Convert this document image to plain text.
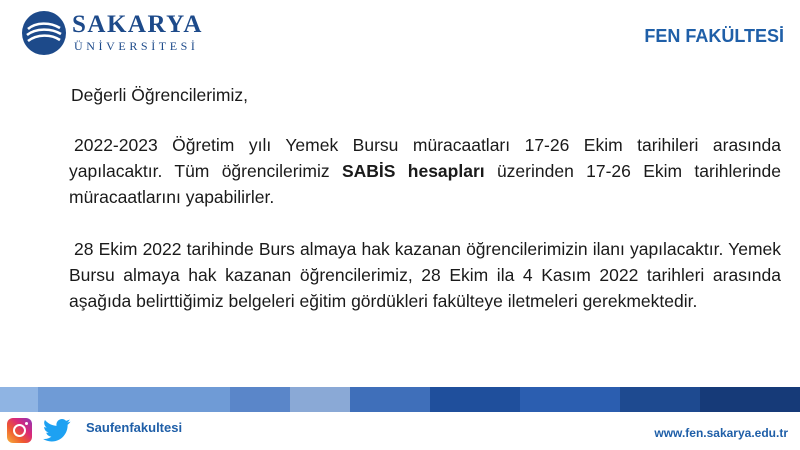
SAKARYA
ÜNİVERSİTESİ	FEN FAKÜLTESİ

Değerli Öğrencilerimiz,

2022-2023 Öğretim yılı Yemek Bursu müracaatları 17-26 Ekim tarihileri arasında yapılacaktır. Tüm öğrencilerimiz SABİS hesapları üzerinden 17-26 Ekim tarihlerinde müracaatlarını yapabilirler.

28 Ekim 2022 tarihinde Burs almaya hak kazanan öğrencilerimizin ilanı yapılacaktır. Yemek Bursu almaya hak kazanan öğrencilerimiz, 28 Ekim ila 4 Kasım 2022 tarihleri arasında aşağıda belirttiğimiz belgeleri eğitim gördükleri fakülteye iletmeleri gerekmektedir.

Saufenfakultesi	www.fen.sakarya.edu.tr
